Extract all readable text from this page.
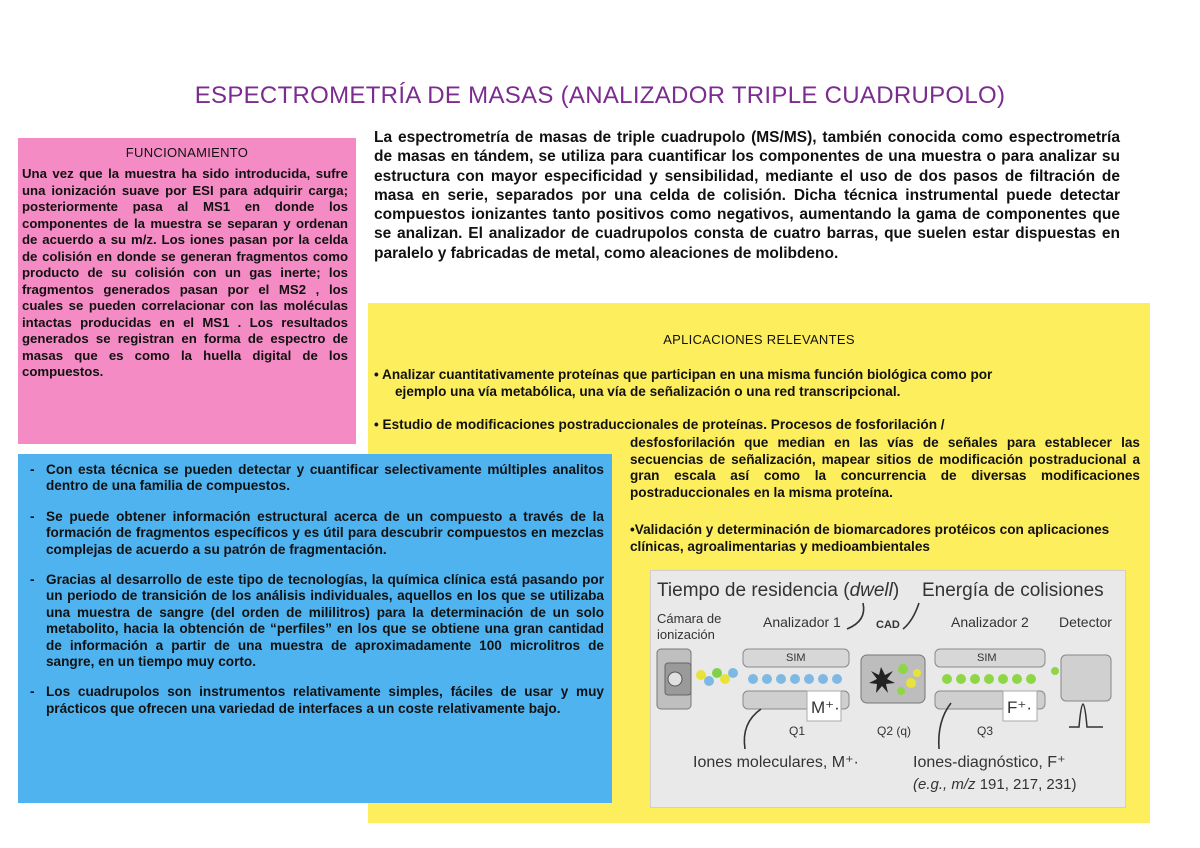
ESPECTROMETRÍA DE MASAS (ANALIZADOR TRIPLE CUADRUPOLO)
FUNCIONAMIENTO

Una vez que la muestra ha sido introducida, sufre una ionización suave por ESI para adquirir carga; posteriormente pasa al MS1 en donde los componentes de la muestra se separan y ordenan de acuerdo a su m/z. Los iones pasan por la celda de colisión en donde se generan fragmentos como producto de su colisión con un gas inerte; los fragmentos generados pasan por el MS2 , los cuales se pueden correlacionar con las moléculas intactas producidas en el MS1 . Los resultados generados se registran en forma de espectro de masas que es como la huella digital de los compuestos.

La espectrometría de masas de triple cuadrupolo (MS/MS), también conocida como espectrometría de masas en tándem, se utiliza para cuantificar los componentes de una muestra o para analizar su estructura con mayor especificidad y sensibilidad, mediante el uso de dos pasos de filtración de masa en serie, separados por una celda de colisión. Dicha técnica instrumental puede detectar compuestos ionizantes tanto positivos como negativos, aumentando la gama de componentes que se analizan. El analizador de cuadrupolos consta de cuatro barras, que suelen estar dispuestas en paralelo y fabricadas de metal, como aleaciones de molibdeno.
APLICACIONES RELEVANTES
• Analizar cuantitativamente proteínas que participan en una misma función biológica como por
ejemplo una vía metabólica, una vía de señalización o una red transcripcional.
• Estudio de modificaciones postraduccionales de proteínas. Procesos de fosforilación /
desfosforilación que median en las vías de señales para establecer las secuencias de señalización, mapear sitios de modificación postraducional a gran escala así como la concurrencia de diversas modificaciones postraduccionales en la misma proteína.
•Validación y determinación de biomarcadores protéicos con aplicaciones clínicas, agroalimentarias y medioambientales
- Con esta técnica se pueden detectar y cuantificar selectivamente múltiples analitos dentro de una familia de compuestos.
- Se puede obtener información estructural acerca de un compuesto a través de la formación de fragmentos específicos y es útil para descubrir compuestos en mezclas complejas de acuerdo a su patrón de fragmentación.
- Gracias al desarrollo de este tipo de tecnologías, la química clínica está pasando por un periodo de transición de los análisis individuales, aquellos en los que se utilizaba una muestra de sangre (del orden de mililitros) para la determinación de un solo metabolito, hacia la obtención de “perfiles” en los que se obtiene una gran cantidad de información a partir de una muestra de aproximadamente 100 microlitros de sangre, en un tiempo muy corto.
- Los cuadrupolos son instrumentos relativamente simples, fáciles de usar y muy prácticos que ofrecen una variedad de interfaces a un coste relativamente bajo.
Tiempo de residencia (dwell) Energía de colisiones
Cámara de
ionización
Analizador 1	CAD	Analizador 2 Detector
SIM
M⁺·
SIM
F⁺·
Q1	Q2 (q)	Q3
Iones moleculares, M⁺·	Iones-diagnóstico, F⁺
(e.g., m/z 191, 217, 231)
